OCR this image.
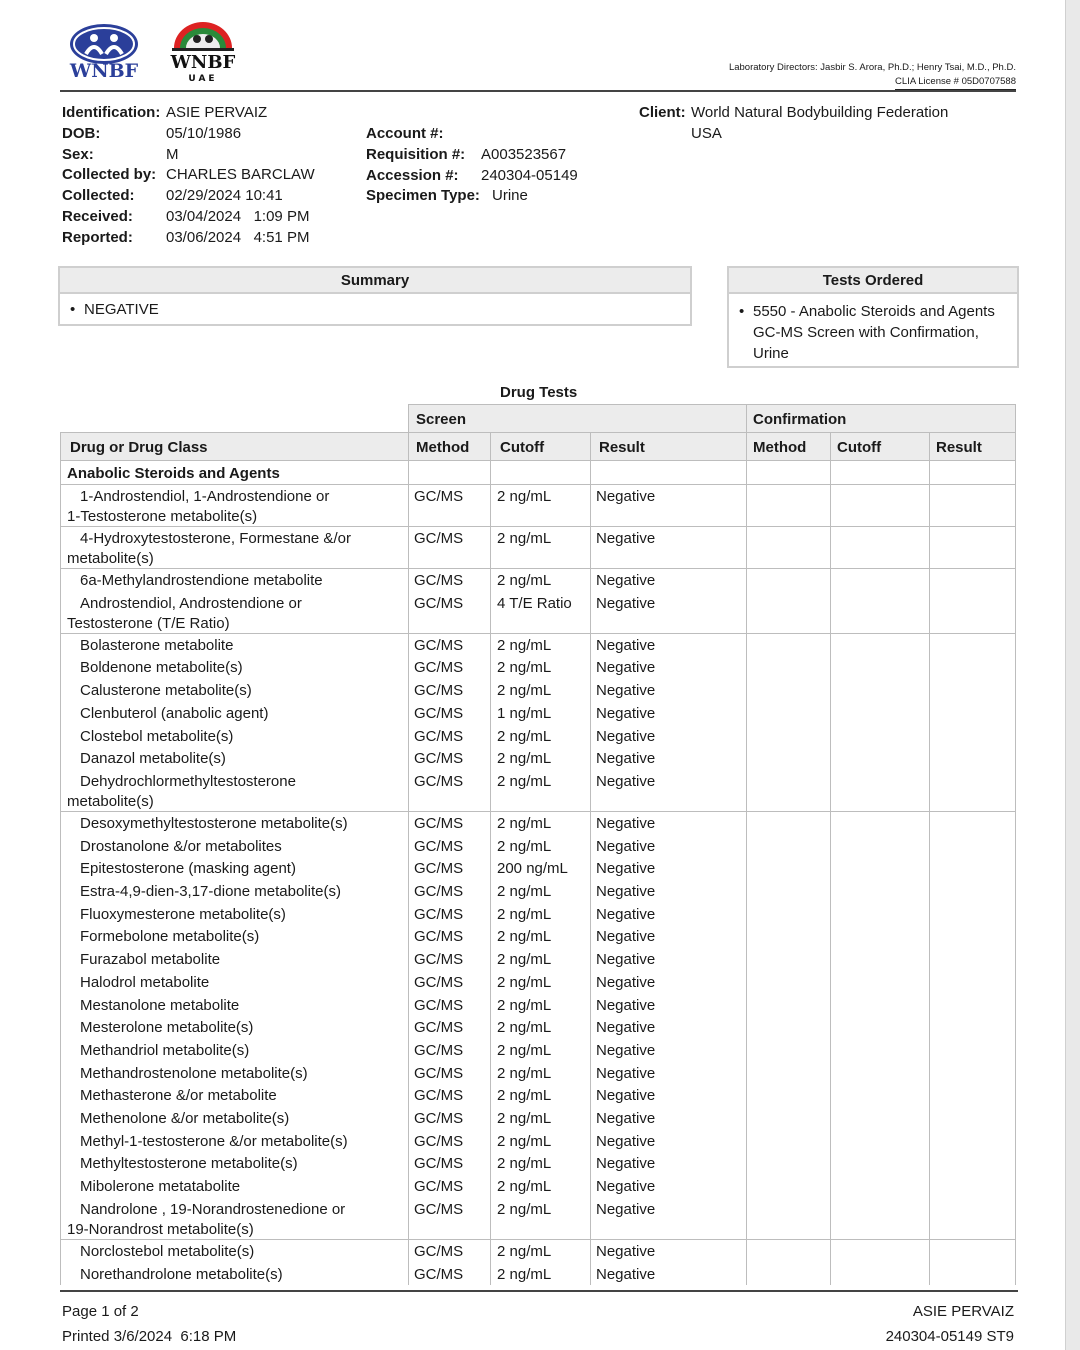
WNBF WNBF
UAE
Laboratory Directors: Jasbir S. Arora, Ph.D.; Henry Tsai, M.D., Ph.D.
CLIA License # 05D0707588
Identification: ASIE PERVAIZ
DOB:	05/10/1986
Sex:	M
Collected by: CHARLES BARCLAW
Collected:	02/29/2024 10:41
Received:	03/04/2024   1:09 PM
Reported:	03/06/2024   4:51 PM
Account #:
Requisition #:	A003523567
Accession #:	240304-05149
Specimen Type: Urine
Client: World Natural Bodybuilding Federation
USA
Summary
• NEGATIVE
Tests Ordered
• 5550 - Anabolic Steroids and Agents GC-MS Screen with Confirmation, Urine
Drug Tests
Screen	Confirmation
Drug or Drug Class	Method Cutoff	Result	Method Cutoff	Result
Anabolic Steroids and Agents
1-Androstendiol, 1-Androstendione or
1-Testosterone metabolite(s)
GC/MS 2 ng/mL	Negative
4-Hydroxytestosterone, Formestane &/or
metabolite(s)
GC/MS 2 ng/mL	Negative
6a-Methylandrostendione metabolite	GC/MS 2 ng/mL	Negative
Androstendiol, Androstendione or
Testosterone (T/E Ratio)
GC/MS 4 T/E Ratio Negative
Bolasterone metabolite	GC/MS 2 ng/mL	Negative
Boldenone metabolite(s)	GC/MS 2 ng/mL	Negative
Calusterone metabolite(s)	GC/MS 2 ng/mL	Negative
Clenbuterol (anabolic agent)	GC/MS 1 ng/mL	Negative
Clostebol metabolite(s)	GC/MS 2 ng/mL	Negative
Danazol metabolite(s)	GC/MS 2 ng/mL	Negative
Dehydrochlormethyltestosterone
metabolite(s)
GC/MS 2 ng/mL	Negative
Desoxymethyltestosterone metabolite(s)	GC/MS 2 ng/mL	Negative
Drostanolone &/or metabolites	GC/MS 2 ng/mL	Negative
Epitestosterone (masking agent)	GC/MS 200 ng/mL Negative
Estra-4,9-dien-3,17-dione metabolite(s)	GC/MS 2 ng/mL	Negative
Fluoxymesterone metabolite(s)	GC/MS 2 ng/mL	Negative
Formebolone metabolite(s)	GC/MS 2 ng/mL	Negative
Furazabol metabolite	GC/MS 2 ng/mL	Negative
Halodrol metabolite	GC/MS 2 ng/mL	Negative
Mestanolone metabolite	GC/MS 2 ng/mL	Negative
Mesterolone metabolite(s)	GC/MS 2 ng/mL	Negative
Methandriol metabolite(s)	GC/MS 2 ng/mL	Negative
Methandrostenolone metabolite(s)	GC/MS 2 ng/mL	Negative
Methasterone &/or metabolite	GC/MS 2 ng/mL	Negative
Methenolone &/or metabolite(s)	GC/MS 2 ng/mL	Negative
Methyl-1-testosterone &/or metabolite(s)	GC/MS 2 ng/mL	Negative
Methyltestosterone metabolite(s)	GC/MS 2 ng/mL	Negative
Mibolerone metatabolite	GC/MS 2 ng/mL	Negative
Nandrolone , 19-Norandrostenedione or
19-Norandrost metabolite(s)
GC/MS 2 ng/mL	Negative
Norclostebol metabolite(s)	GC/MS 2 ng/mL	Negative
Norethandrolone metabolite(s)	GC/MS 2 ng/mL	Negative
Page 1 of 2
Printed 3/6/2024  6:18 PM
ASIE PERVAIZ
240304-05149 ST9
